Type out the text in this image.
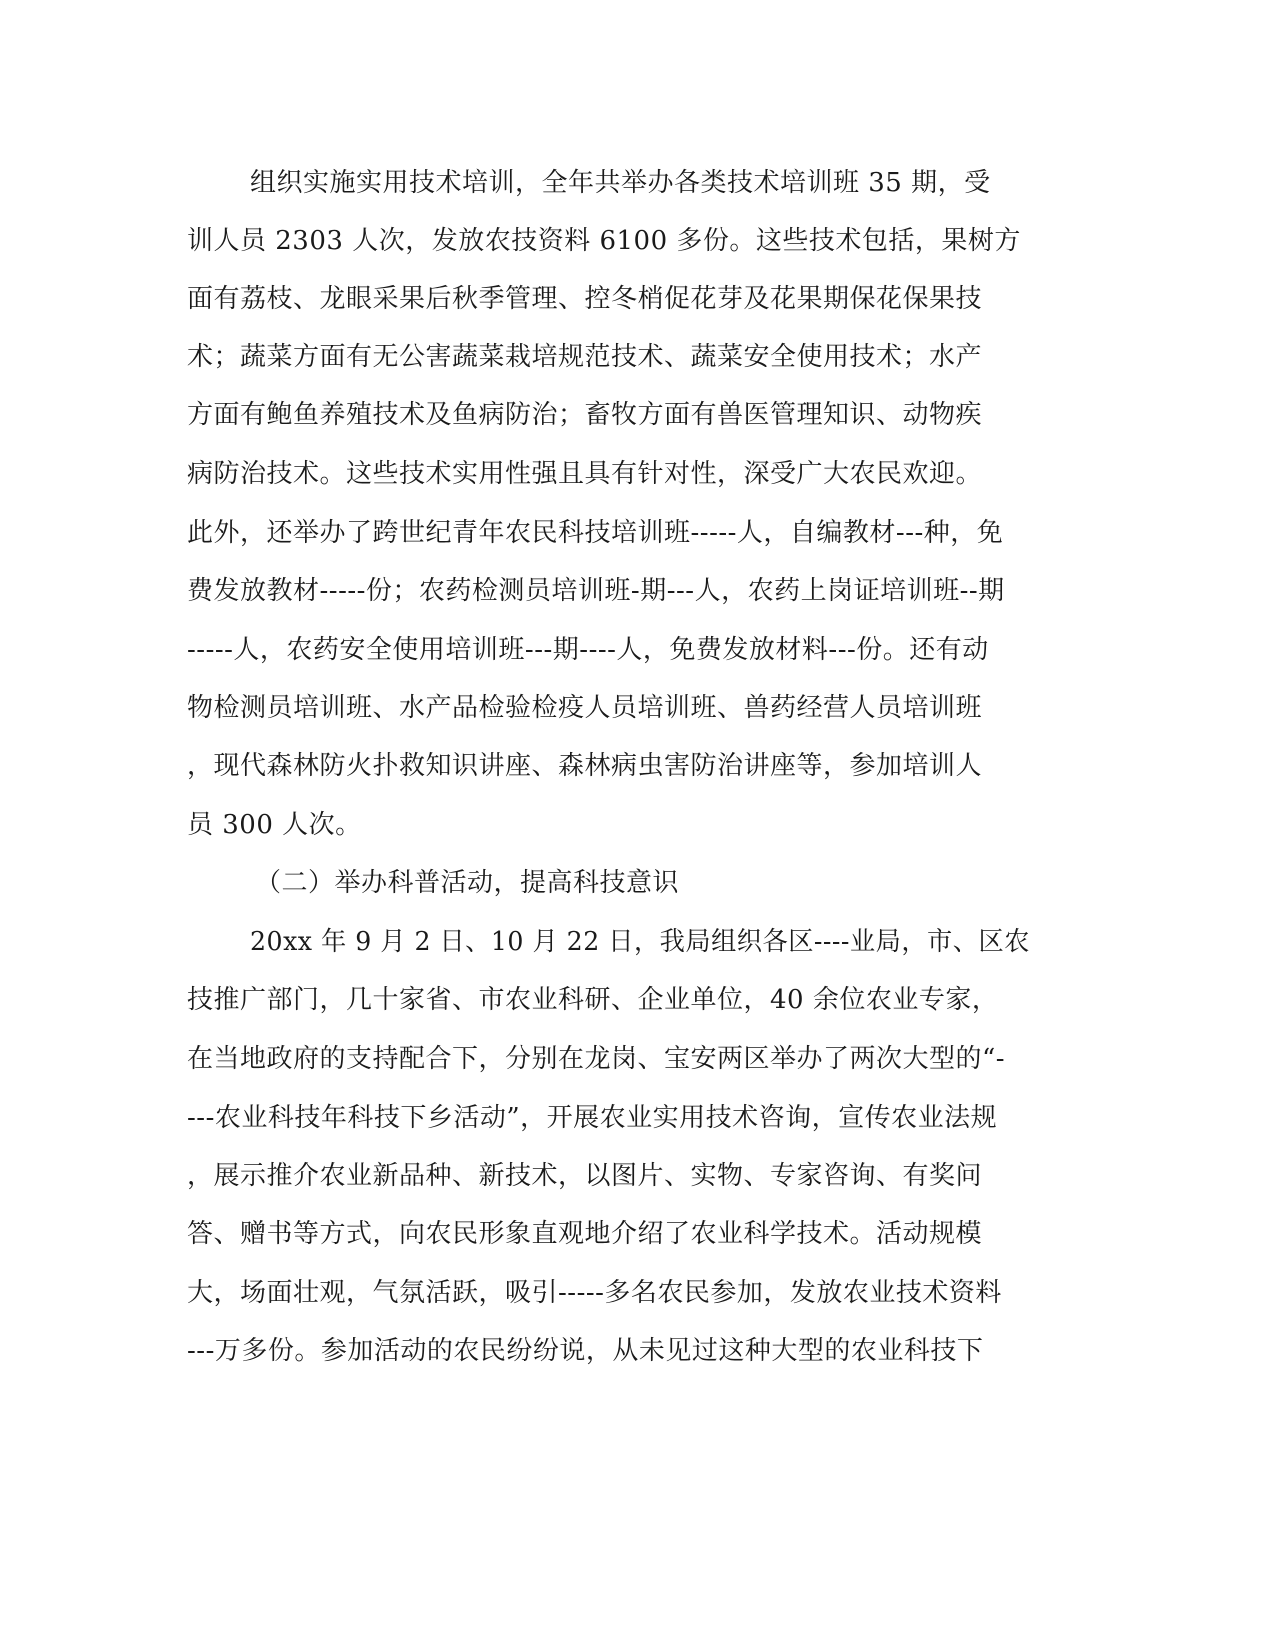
组织实施实用技术培训，全年共举办各类技术培训班 35 期，受
训人员 2303 人次，发放农技资料 6100 多份。这些技术包括，果树方
面有荔枝、龙眼采果后秋季管理、控冬梢促花芽及花果期保花保果技
术；蔬菜方面有无公害蔬菜栽培规范技术、蔬菜安全使用技术；水产
方面有鲍鱼养殖技术及鱼病防治；畜牧方面有兽医管理知识、动物疾
病防治技术。这些技术实用性强且具有针对性，深受广大农民欢迎。
此外，还举办了跨世纪青年农民科技培训班-----人，自编教材---种，免
费发放教材-----份；农药检测员培训班-期---人，农药上岗证培训班--期
-----人，农药安全使用培训班---期----人，免费发放材料---份。还有动
物检测员培训班、水产品检验检疫人员培训班、兽药经营人员培训班
，现代森林防火扑救知识讲座、森林病虫害防治讲座等，参加培训人
员 300 人次。
（二）举办科普活动，提高科技意识
20xx 年 9 月 2 日、10 月 22 日，我局组织各区----业局，市、区农
技推广部门，几十家省、市农业科研、企业单位，40 余位农业专家，
在当地政府的支持配合下，分别在龙岗、宝安两区举办了两次大型的“-
---农业科技年科技下乡活动”，开展农业实用技术咨询，宣传农业法规
，展示推介农业新品种、新技术，以图片、实物、专家咨询、有奖问
答、赠书等方式，向农民形象直观地介绍了农业科学技术。活动规模
大，场面壮观，气氛活跃，吸引-----多名农民参加，发放农业技术资料
---万多份。参加活动的农民纷纷说，从未见过这种大型的农业科技下
